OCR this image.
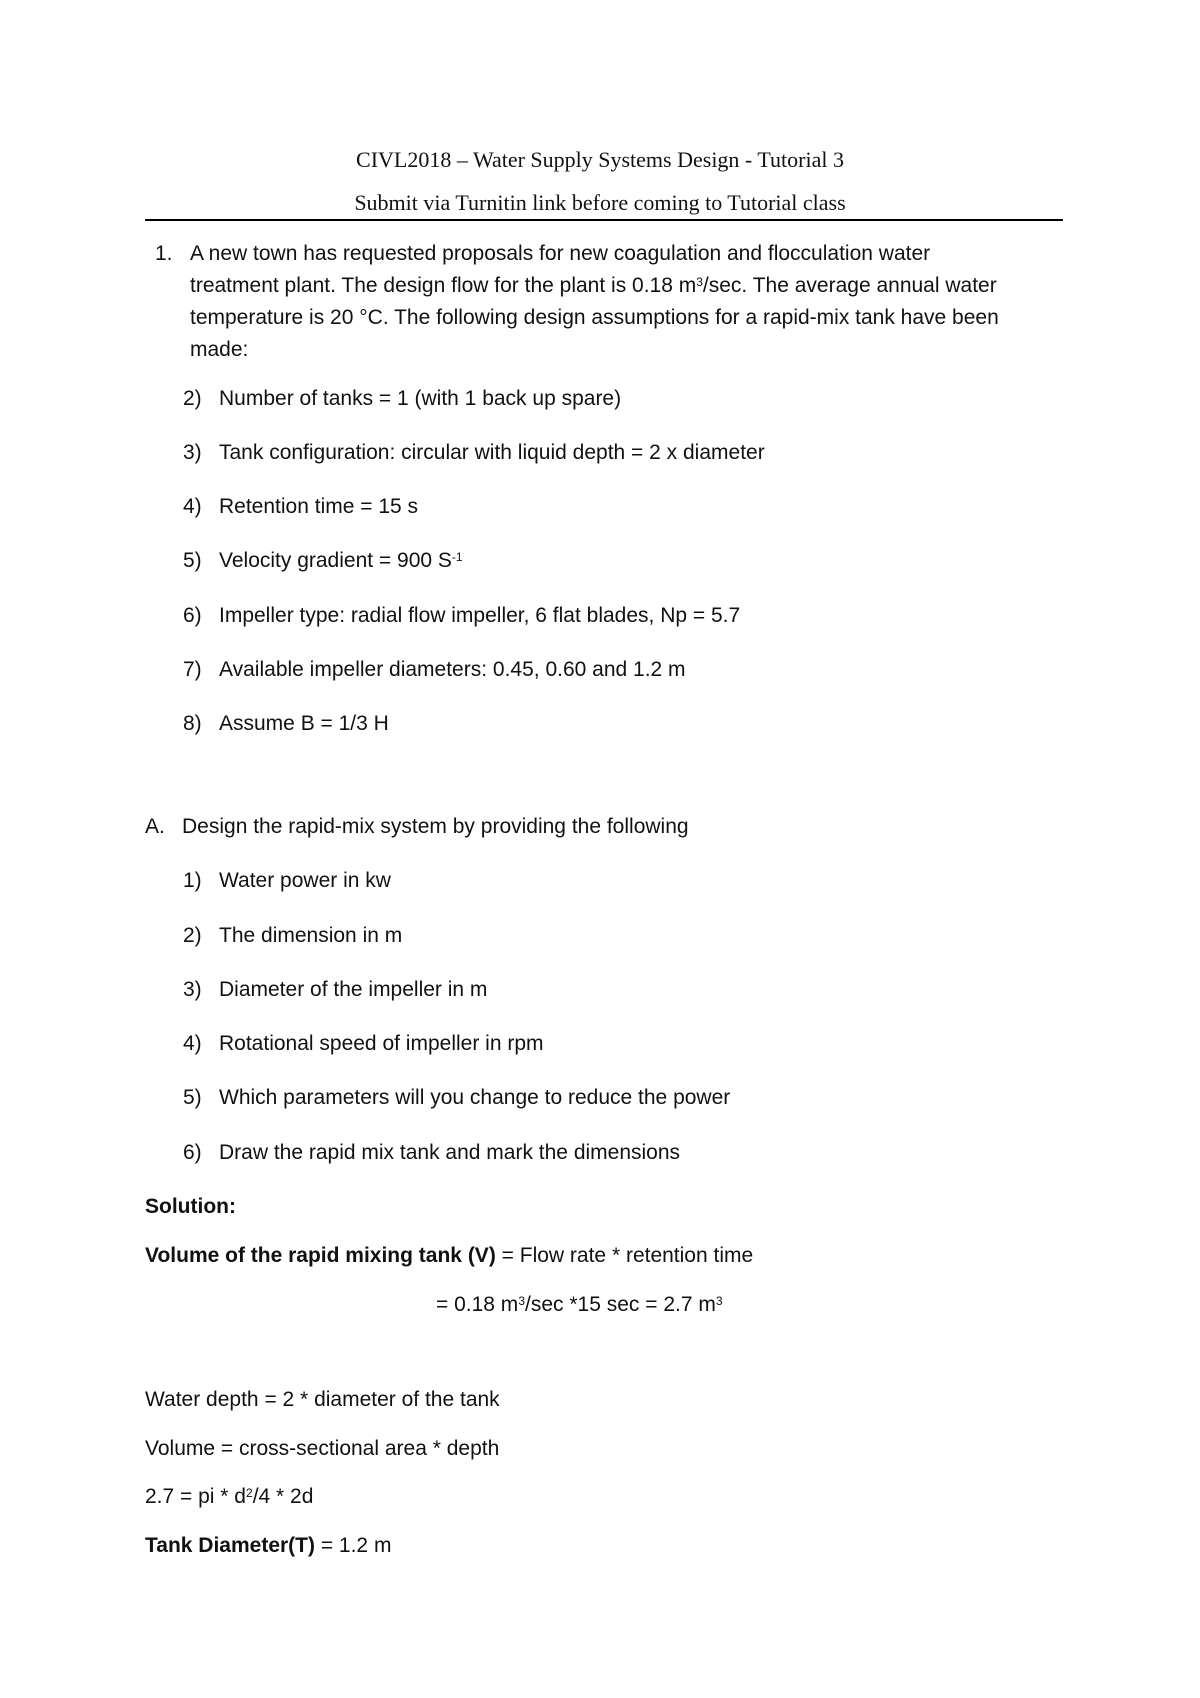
CIVL2018 – Water Supply Systems Design - Tutorial 3
Submit via Turnitin link before coming to Tutorial class
1. A new town has requested proposals for new coagulation and flocculation water
treatment plant. The design flow for the plant is 0.18 $m^3/\sec$. The average annual water
temperature is 20 °C. The following design assumptions for a rapid-mix tank have been
made:
2) Number of tanks = 1 (with 1 back up spare)
3) Tank configuration: circular with liquid depth = 2 x diameter
4) Retention time = 15 s
5) Velocity gradient = 900 $S^{-1}$
6) Impeller type: radial flow impeller, 6 flat blades, Np = 5.7
7) Available impeller diameters: 0.45, 0.60 and 1.2 m
8) Assume B = 1/3 H
A. Design the rapid-mix system by providing the following
1) Water power in kw
2) The dimension in m
3) Diameter of the impeller in m
4) Rotational speed of impeller in rpm
5) Which parameters will you change to reduce the power
6) Draw the rapid mix tank and mark the dimensions
Solution:
Volume of the rapid mixing tank (V) = Flow rate * retention time
= 0.18 $m^3/\sec$ *15 sec = 2.7 $m^3$
Water depth = 2 * diameter of the tank
Volume = cross-sectional area * depth
2.7 = pi * $d^2/4 * 2d$
Tank Diameter(T) = 1.2 m
